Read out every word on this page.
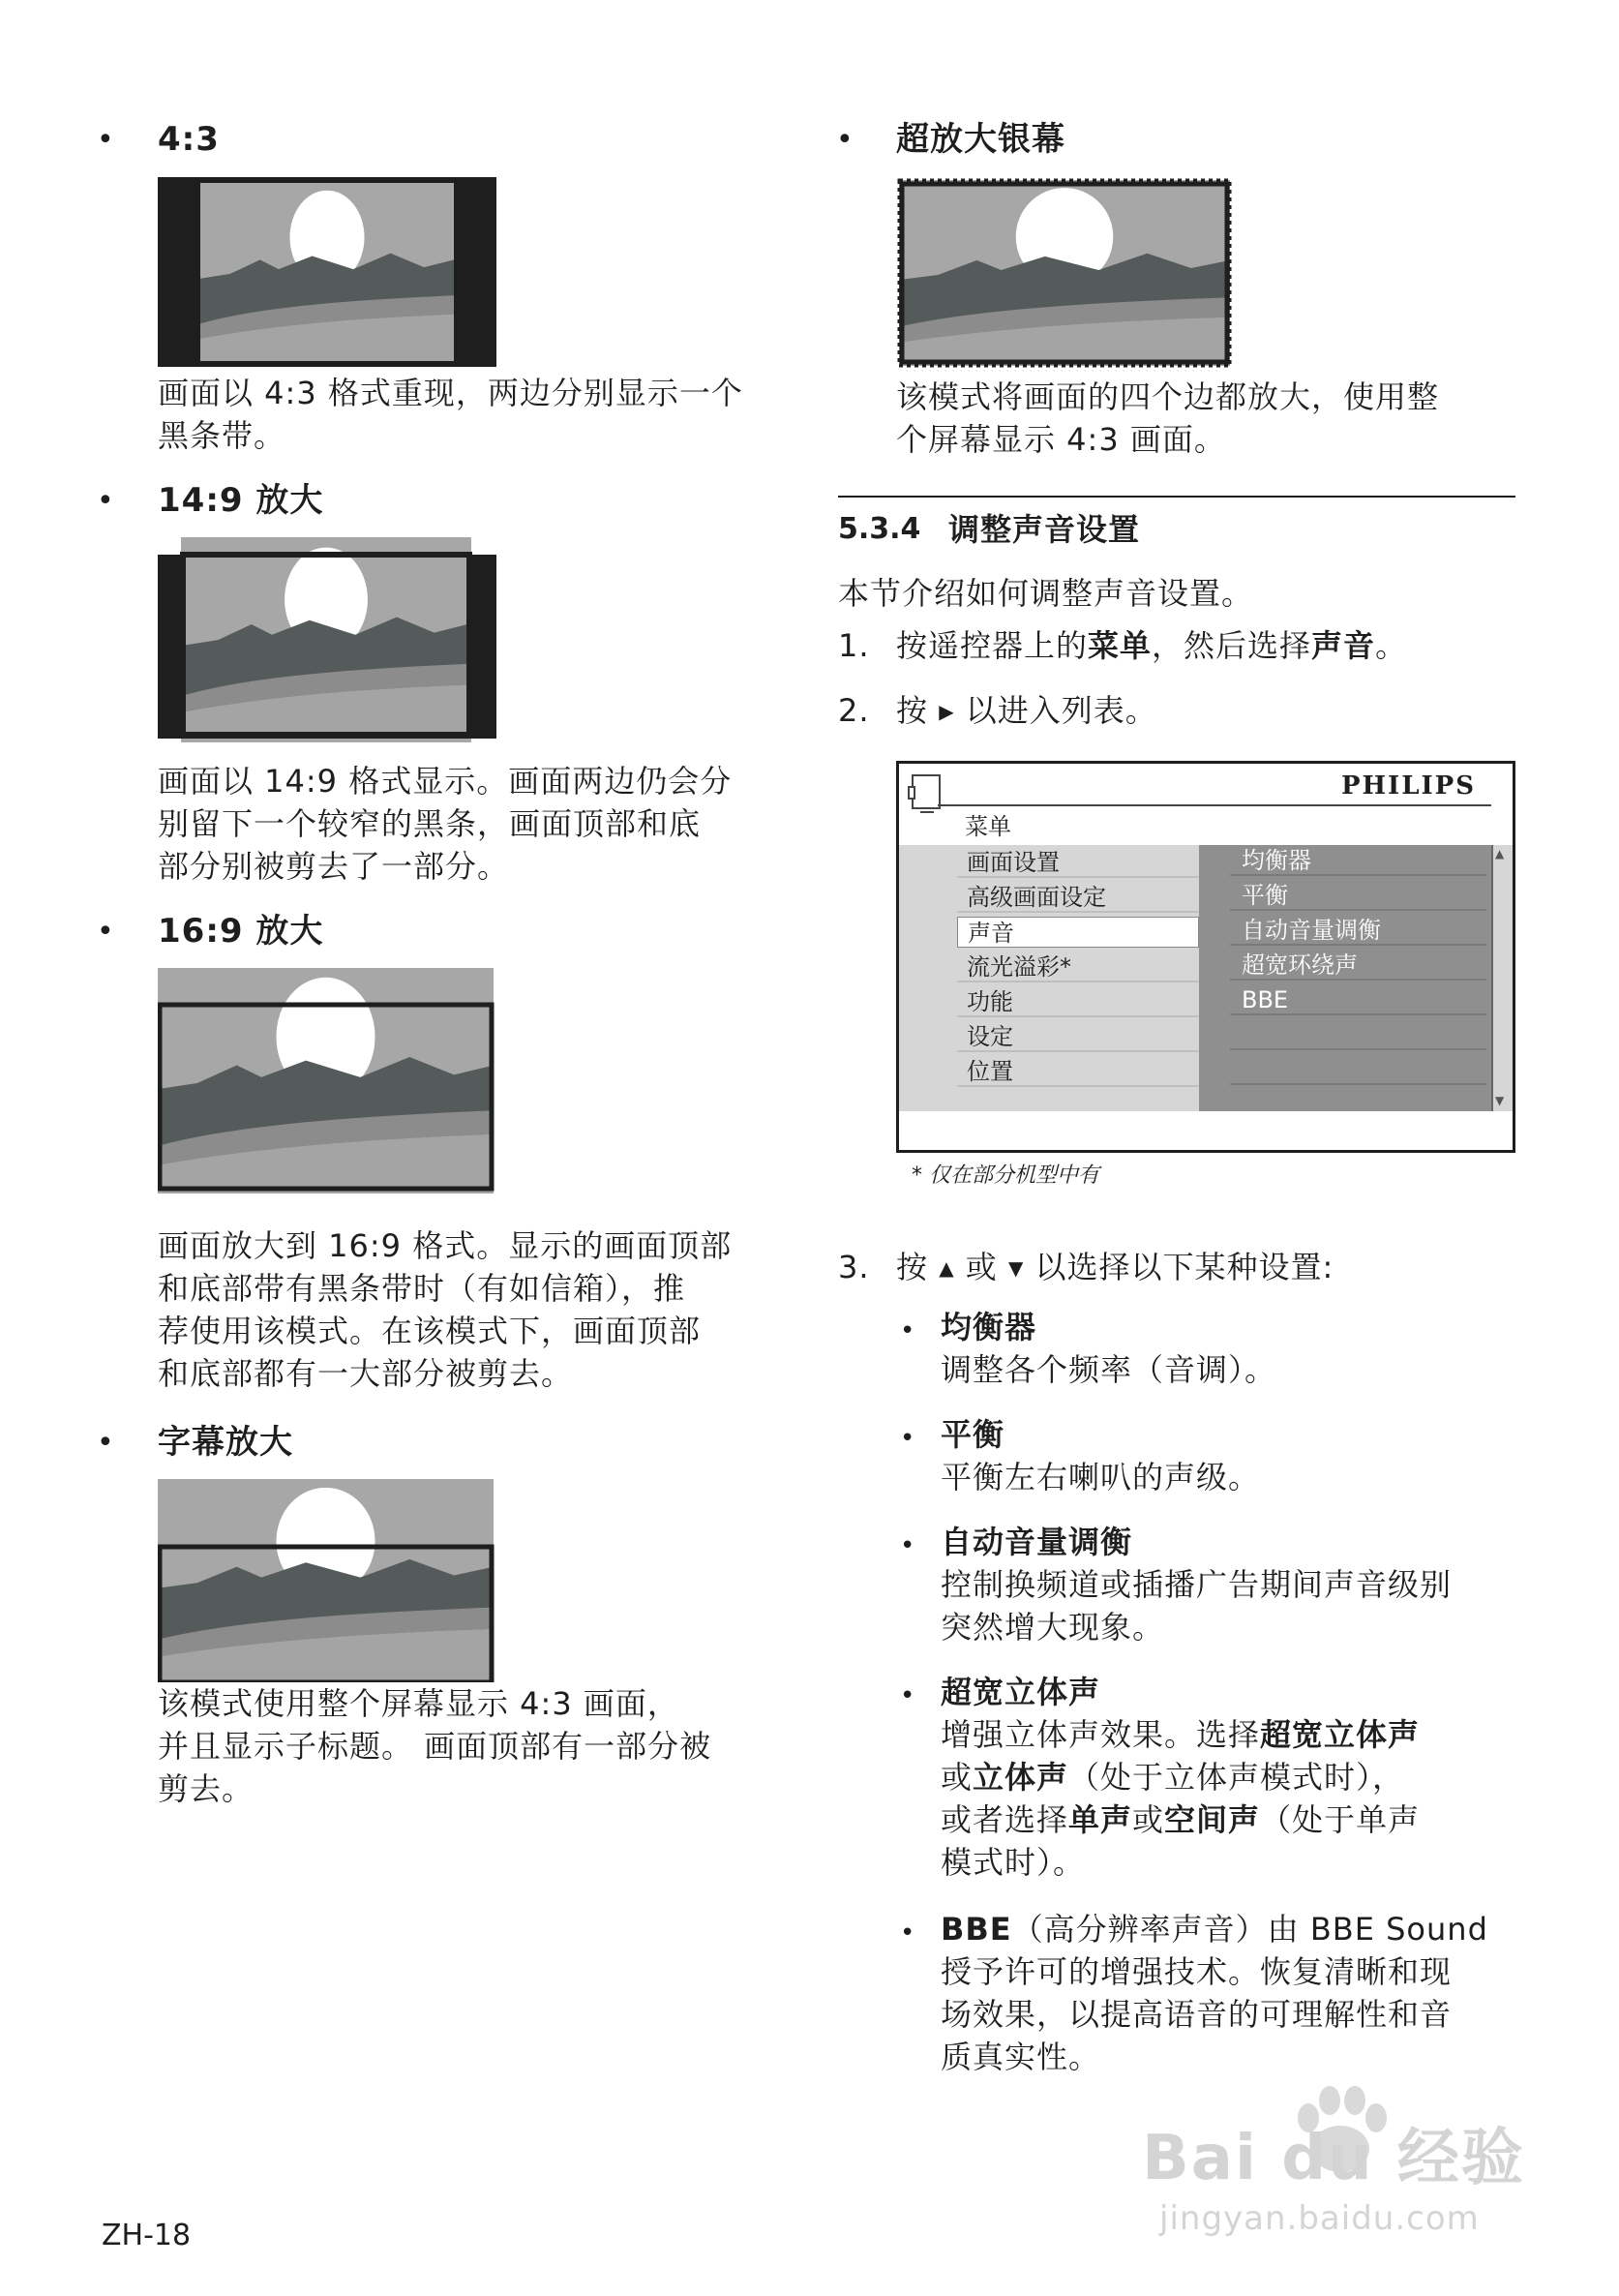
• 4:3
画面以 4:3 格式重现，两边分别显示一个
黑条带。
• 14:9 放大
画面以 14:9 格式显示。画面两边仍会分
别留下一个较窄的黑条，画面顶部和底
部分别被剪去了一部分。
• 16:9 放大
画面放大到 16:9 格式。显示的画面顶部
和底部带有黑条带时（有如信箱），推
荐使用该模式。在该模式下，画面顶部
和底部都有一大部分被剪去。
• 字幕放大
该模式使用整个屏幕显示 4:3 画面，
并且显示子标题。 画面顶部有一部分被
剪去。
• 超放大银幕
该模式将画面的四个边都放大，使用整
个屏幕显示 4:3 画面。
5.3.4 调整声音设置
本节介绍如何调整声音设置。
1. 按遥控器上的菜单，然后选择声音。
2. 按 ▶ 以进入列表。
PHILIPS
菜单
画面设置
高级画面设定
声音
流光溢彩*
功能
设定
位置
均衡器
平衡
自动音量调衡
超宽环绕声
BBE
▲
▼
* 仅在部分机型中有
3. 按 ▲ 或 ▼ 以选择以下某种设置:
• 均衡器
调整各个频率（音调）。
• 平衡
平衡左右喇叭的声级。
• 自动音量调衡
控制换频道或插播广告期间声音级别
突然增大现象。
• 超宽立体声
增强立体声效果。选择超宽立体声
或立体声（处于立体声模式时），
或者选择单声或空间声（处于单声
模式时）。
• BBE（高分辨率声音）由 BBE Sound
授予许可的增强技术。恢复清晰和现
场效果，以提高语音的可理解性和音
质真实性。
ZH-18
Bai du 经验
jingyan.baidu.com
